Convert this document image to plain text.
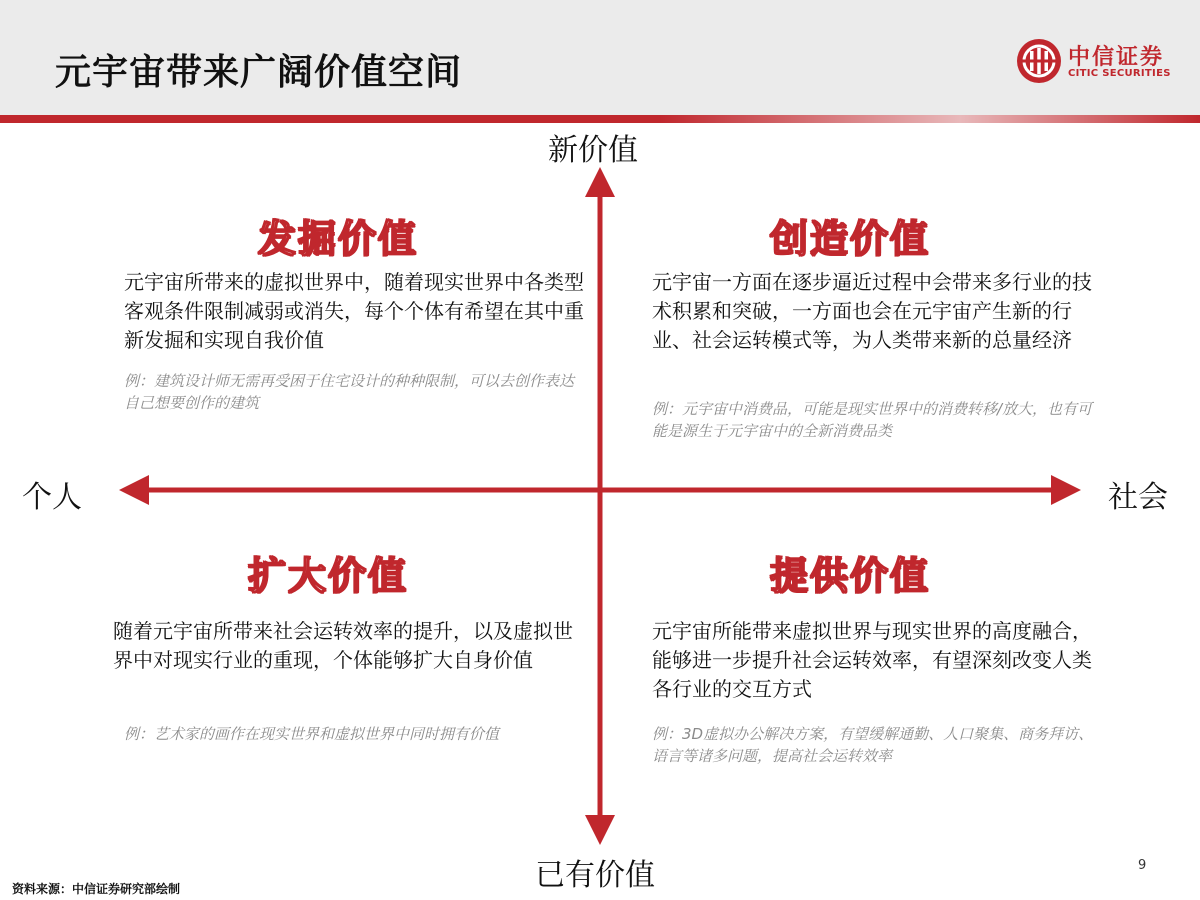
元宇宙带来广阔价值空间	中信证券
CITIC SECURITIES
新价值
已有价值
个人	社会
发掘价值
元宇宙所带来的虚拟世界中，随着现实世界中各类型客观条件限制减弱或消失，每个个体有希望在其中重新发掘和实现自我价值
例：建筑设计师无需再受困于住宅设计的种种限制，可以去创作表达自己想要创作的建筑
创造价值
元宇宙一方面在逐步逼近过程中会带来多行业的技术积累和突破，一方面也会在元宇宙产生新的行业、社会运转模式等，为人类带来新的总量经济
例：元宇宙中消费品，可能是现实世界中的消费转移/放大，也有可能是源生于元宇宙中的全新消费品类
扩大价值
随着元宇宙所带来社会运转效率的提升，以及虚拟世界中对现实行业的重现，个体能够扩大自身价值
例：艺术家的画作在现实世界和虚拟世界中同时拥有价值
提供价值
元宇宙所能带来虚拟世界与现实世界的高度融合，能够进一步提升社会运转效率，有望深刻改变人类各行业的交互方式
例：3D虚拟办公解决方案，有望缓解通勤、人口聚集、商务拜访、语言等诸多问题，提高社会运转效率
资料来源：中信证券研究部绘制
9
